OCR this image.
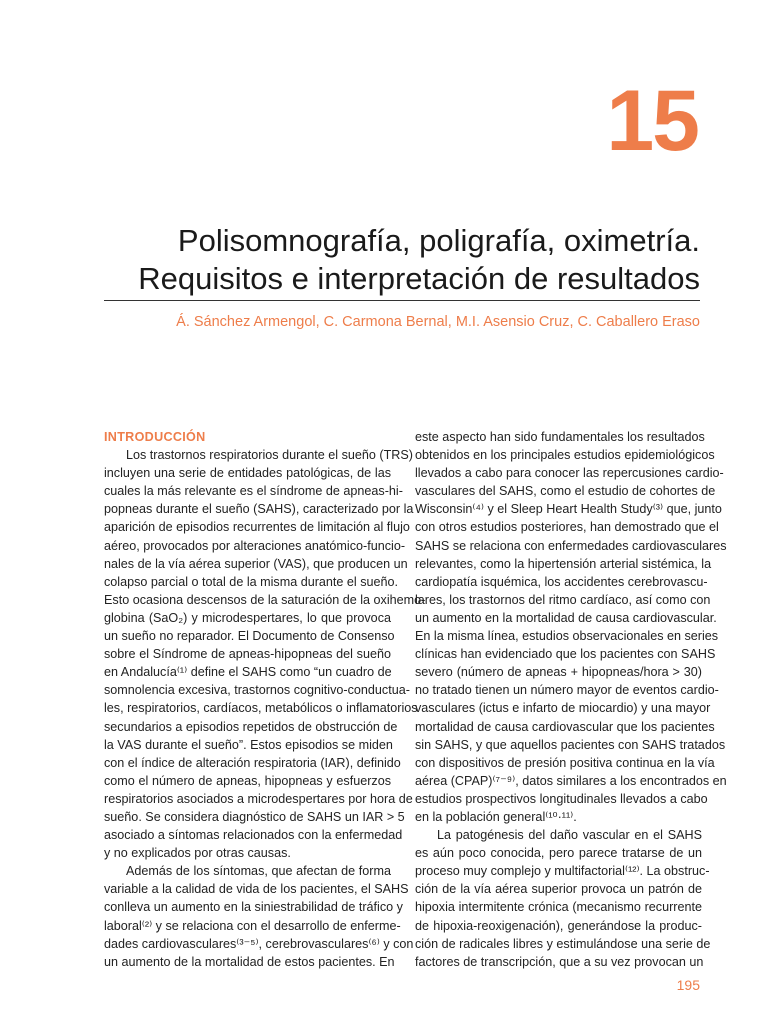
15
Polisomnografía, poligrafía, oximetría.
Requisitos e interpretación de resultados
Á. Sánchez Armengol, C. Carmona Bernal, M.I. Asensio Cruz, C. Caballero Eraso
INTRODUCCIÓN
Los trastornos respiratorios durante el sueño (TRS)
incluyen una serie de entidades patológicas, de las
cuales la más relevante es el síndrome de apneas-hi-
popneas durante el sueño (SAHS), caracterizado por la
aparición de episodios recurrentes de limitación al flujo
aéreo, provocados por alteraciones anatómico-funcio-
nales de la vía aérea superior (VAS), que producen un
colapso parcial o total de la misma durante el sueño.
Esto ocasiona descensos de la saturación de la oxihemo-
globina (SaO₂) y microdespertares, lo que provoca
un sueño no reparador. El Documento de Consenso
sobre el Síndrome de apneas-hipopneas del sueño
en Andalucía⁽¹⁾ define el SAHS como “un cuadro de
somnolencia excesiva, trastornos cognitivo-conductua-
les, respiratorios, cardíacos, metabólicos o inflamatorios
secundarios a episodios repetidos de obstrucción de
la VAS durante el sueño”. Estos episodios se miden
con el índice de alteración respiratoria (IAR), definido
como el número de apneas, hipopneas y esfuerzos
respiratorios asociados a microdespertares por hora de
sueño. Se considera diagnóstico de SAHS un IAR > 5
asociado a síntomas relacionados con la enfermedad
y no explicados por otras causas.
Además de los síntomas, que afectan de forma
variable a la calidad de vida de los pacientes, el SAHS
conlleva un aumento en la siniestrabilidad de tráfico y
laboral⁽²⁾ y se relaciona con el desarrollo de enferme-
dades cardiovasculares⁽³⁻⁵⁾, cerebrovasculares⁽⁶⁾ y con
un aumento de la mortalidad de estos pacientes. En
este aspecto han sido fundamentales los resultados
obtenidos en los principales estudios epidemiológicos
llevados a cabo para conocer las repercusiones cardio-
vasculares del SAHS, como el estudio de cohortes de
Wisconsin⁽⁴⁾ y el Sleep Heart Health Study⁽³⁾ que, junto
con otros estudios posteriores, han demostrado que el
SAHS se relaciona con enfermedades cardiovasculares
relevantes, como la hipertensión arterial sistémica, la
cardiopatía isquémica, los accidentes cerebrovascu-
lares, los trastornos del ritmo cardíaco, así como con
un aumento en la mortalidad de causa cardiovascular.
En la misma línea, estudios observacionales en series
clínicas han evidenciado que los pacientes con SAHS
severo (número de apneas + hipopneas/hora > 30)
no tratado tienen un número mayor de eventos cardio-
vasculares (ictus e infarto de miocardio) y una mayor
mortalidad de causa cardiovascular que los pacientes
sin SAHS, y que aquellos pacientes con SAHS tratados
con dispositivos de presión positiva continua en la vía
aérea (CPAP)⁽⁷⁻⁹⁾, datos similares a los encontrados en
estudios prospectivos longitudinales llevados a cabo
en la población general⁽¹⁰·¹¹⁾.
La patogénesis del daño vascular en el SAHS
es aún poco conocida, pero parece tratarse de un
proceso muy complejo y multifactorial⁽¹²⁾. La obstruc-
ción de la vía aérea superior provoca un patrón de
hipoxia intermitente crónica (mecanismo recurrente
de hipoxia-reoxigenación), generándose la produc-
ción de radicales libres y estimulándose una serie de
factores de transcripción, que a su vez provocan un
195
